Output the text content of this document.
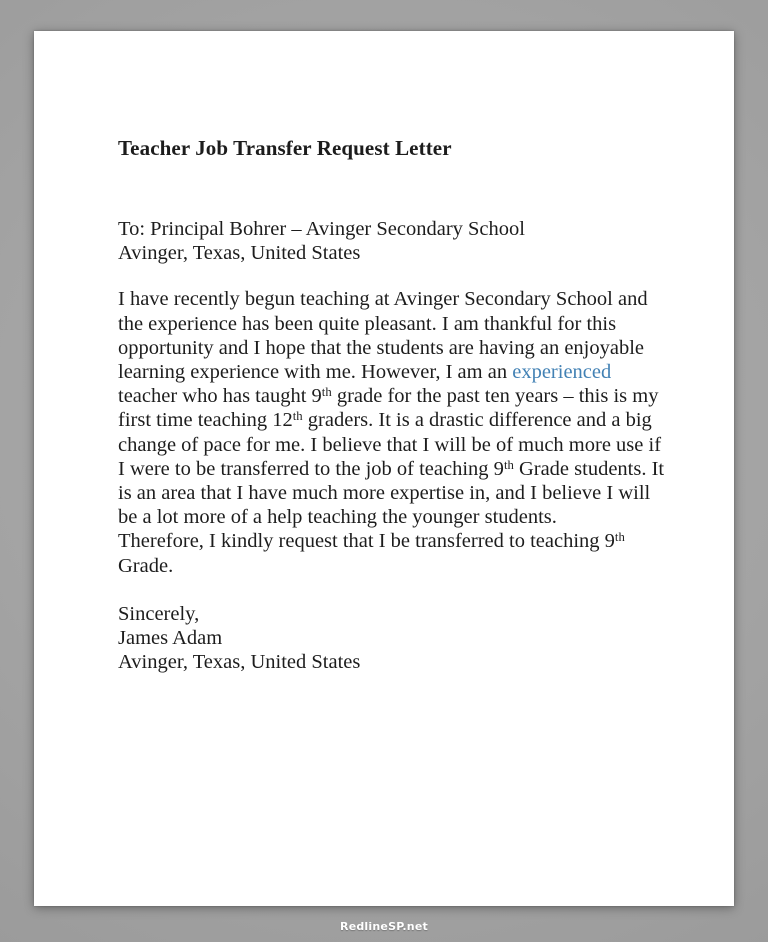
Teacher Job Transfer Request Letter
To: Principal Bohrer – Avinger Secondary School
Avinger, Texas, United States

I have recently begun teaching at Avinger Secondary School and the experience has been quite pleasant. I am thankful for this opportunity and I hope that the students are having an enjoyable learning experience with me. However, I am an experienced teacher who has taught 9th grade for the past ten years – this is my first time teaching 12th graders. It is a drastic difference and a big change of pace for me. I believe that I will be of much more use if I were to be transferred to the job of teaching 9th Grade students. It is an area that I have much more expertise in, and I believe I will be a lot more of a help teaching the younger students.

Therefore, I kindly request that I be transferred to teaching 9th Grade.

Sincerely,
James Adam
Avinger, Texas, United States
RedlineSP.net
